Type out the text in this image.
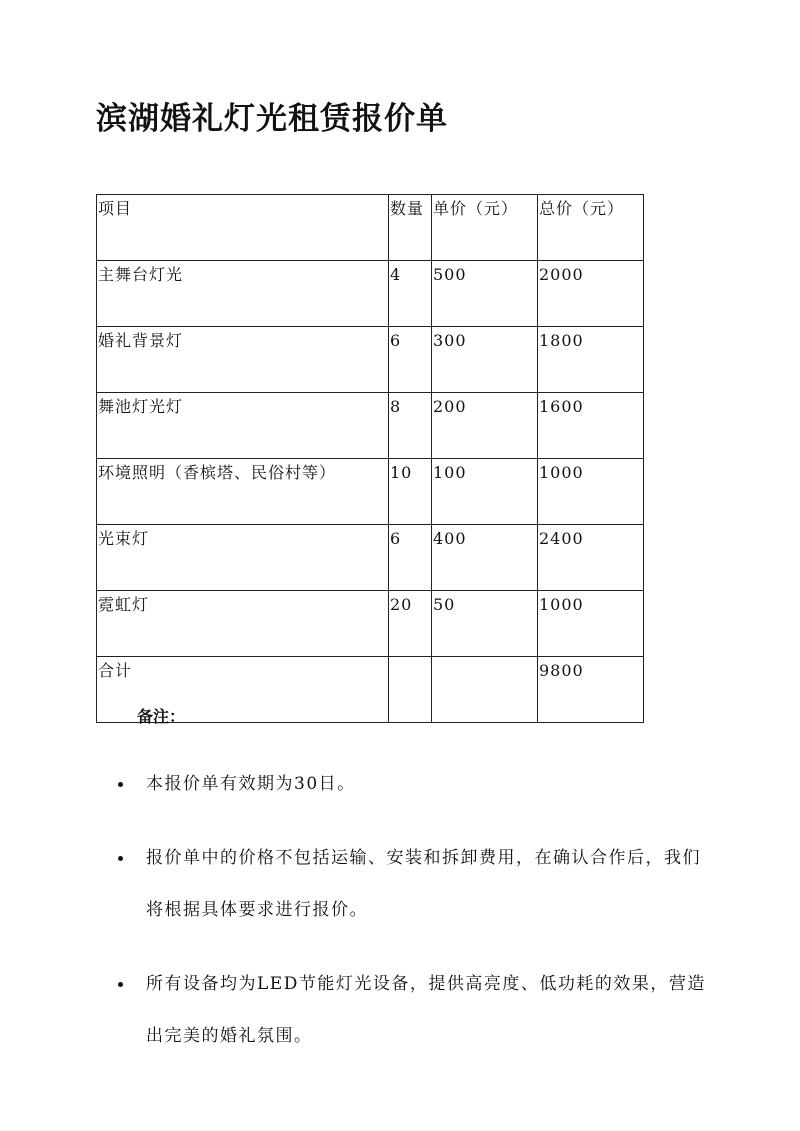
滨湖婚礼灯光租赁报价单
项目	数量	单价（元）	总价（元）
主舞台灯光	4	500	2000
婚礼背景灯	6	300	1800
舞池灯光灯	8	200	1600
环境照明（香槟塔、民俗村等）	10	100	1000
光束灯	6	400	2400
霓虹灯	20	50	1000
合计			9800

备注：

本报价单有效期为30日。
报价单中的价格不包括运输、安装和拆卸费用，在确认合作后，我们将根据具体要求进行报价。
所有设备均为LED节能灯光设备，提供高亮度、低功耗的效果，营造出完美的婚礼氛围。
